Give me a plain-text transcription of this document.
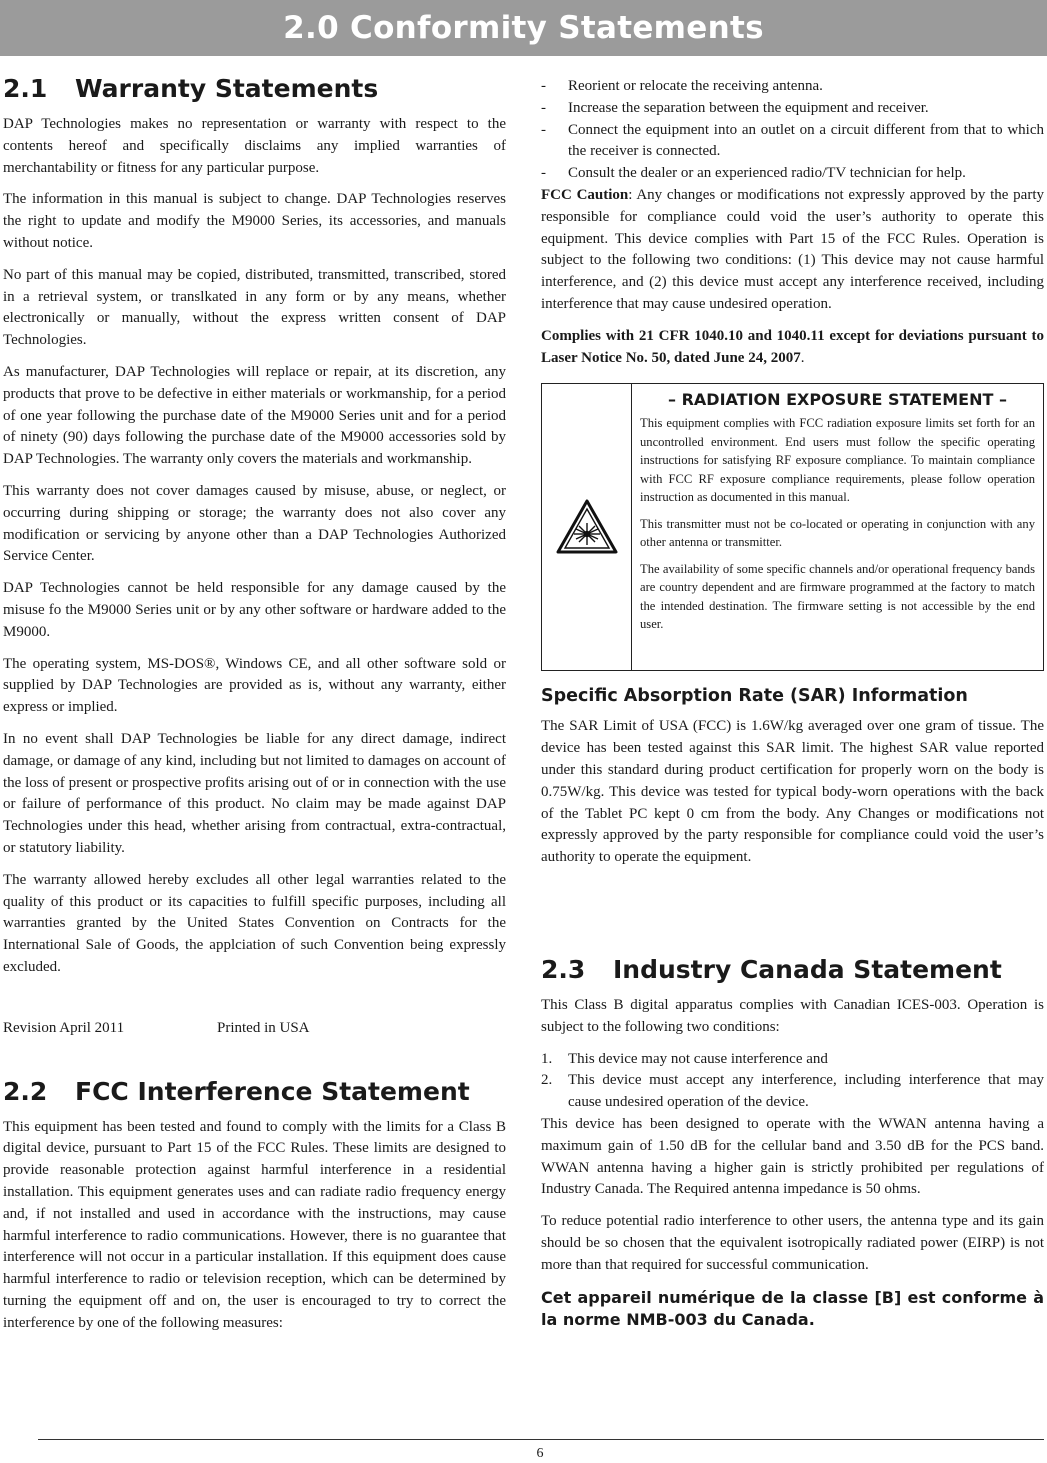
2.0 Conformity Statements
2.1	Warranty Statements

DAP Technologies makes no representation or warranty with respect to the contents hereof and specifically disclaims any implied warranties of merchantability or fitness for any particular purpose.

The information in this manual is subject to change. DAP Technologies reserves the right to update and modify the M9000 Series, its accessories, and manuals without notice.

No part of this manual may be copied, distributed, transmitted, transcribed, stored in a retrieval system, or translkated in any form or by any means, whether electronically or manually, without the express written consent of DAP Technologies.

As manufacturer, DAP Technologies will replace or repair, at its discretion, any products that prove to be defective in either materials or workmanship, for a period of one year following the purchase date of the M9000 Series unit and for a period of ninety (90) days following the purchase date of the M9000 accessories sold by DAP Technologies. The warranty only covers the materials and workmanship.

This warranty does not cover damages caused by misuse, abuse, or neglect, or occurring during shipping or storage; the warranty does not also cover any modification or servicing by anyone other than a DAP Technologies Authorized Service Center.

DAP Technologies cannot be held responsible for any damage caused by the misuse fo the M9000 Series unit or by any other software or hardware added to the M9000.

The operating system, MS-DOS®, Windows CE, and all other software sold or supplied by DAP Technologies are provided as is, without any warranty, either express or implied.

In no event shall DAP Technologies be liable for any direct damage, indirect damage, or damage of any kind, including but not limited to damages on account of the loss of present or prospective profits arising out of or in connection with the use or failure of performance of this product. No claim may be made against DAP Technologies under this head, whether arising from contractual, extra-contractual, or statutory liability.

The warranty allowed hereby excludes all other legal warranties related to the quality of this product or its capacities to fulfill specific purposes, including all warranties granted by the United States Convention on Contracts for the International Sale of Goods, the applciation of such Convention being expressly excluded.

Revision April 2011	Printed in USA
2.2	FCC Interference Statement

This equipment has been tested and found to comply with the limits for a Class B digital device, pursuant to Part 15 of the FCC Rules. These limits are designed to provide reasonable protection against harmful interference in a residential installation. This equipment generates uses and can radiate radio frequency energy and, if not installed and used in accordance with the instructions, may cause harmful interference to radio communications. However, there is no guarantee that interference will not occur in a particular installation. If this equipment does cause harmful interference to radio or television reception, which can be determined by turning the equipment off and on, the user is encouraged to try to correct the interference by one of the following measures:

-	Reorient or relocate the receiving antenna.
-	Increase the separation between the equipment and receiver.
-	Connect the equipment into an outlet on a circuit different from that to which the receiver is connected.
-	Consult the dealer or an experienced radio/TV technician for help.

FCC Caution: Any changes or modifications not expressly approved by the party responsible for compliance could void the user’s authority to operate this equipment. This device complies with Part 15 of the FCC Rules. Operation is subject to the following two conditions: (1) This device may not cause harmful interference, and (2) this device must accept any interference received, including interference that may cause undesired operation.

Complies with 21 CFR 1040.10 and 1040.11 except for deviations pursuant to Laser Notice No. 50, dated June 24, 2007.

– RADIATION EXPOSURE STATEMENT –

This equipment complies with FCC radiation exposure limits set forth for an uncontrolled environment. End users must follow the specific operating instructions for satisfying RF exposure compliance. To maintain compliance with FCC RF exposure compliance requirements, please follow operation instruction as documented in this manual.

This transmitter must not be co-located or operating in conjunction with any other antenna or transmitter.

The availability of some specific channels and/or operational frequency bands are country dependent and are firmware programmed at the factory to match the intended destination. The firmware setting is not accessible by the end user.

Specific Absorption Rate (SAR) Information

The SAR Limit of USA (FCC) is 1.6W/kg averaged over one gram of tissue. The device has been tested against this SAR limit. The highest SAR value reported under this standard during product certification for properly worn on the body is 0.75W/kg. This device was tested for typical body-worn operations with the back of the Tablet PC kept 0 cm from the body. Any Changes or modifications not expressly approved by the party responsible for compliance could void the user’s authority to operate the equipment.

2.3	Industry Canada Statement

This Class B digital apparatus complies with Canadian ICES-003. Operation is subject to the following two conditions:

1.	This device may not cause interference and
2.	This device must accept any interference, including interference that may cause undesired operation of the device.

This device has been designed to operate with the WWAN antenna having a maximum gain of 1.50 dB for the cellular band and 3.50 dB for the PCS band. WWAN antenna having a higher gain is strictly prohibited per regulations of Industry Canada. The Required antenna impedance is 50 ohms.

To reduce potential radio interference to other users, the antenna type and its gain should be so chosen that the equivalent isotropically radiated power (EIRP) is not more than that required for successful communication.

Cet appareil numérique de la classe [B] est conforme à la norme NMB-003 du Canada.

6
